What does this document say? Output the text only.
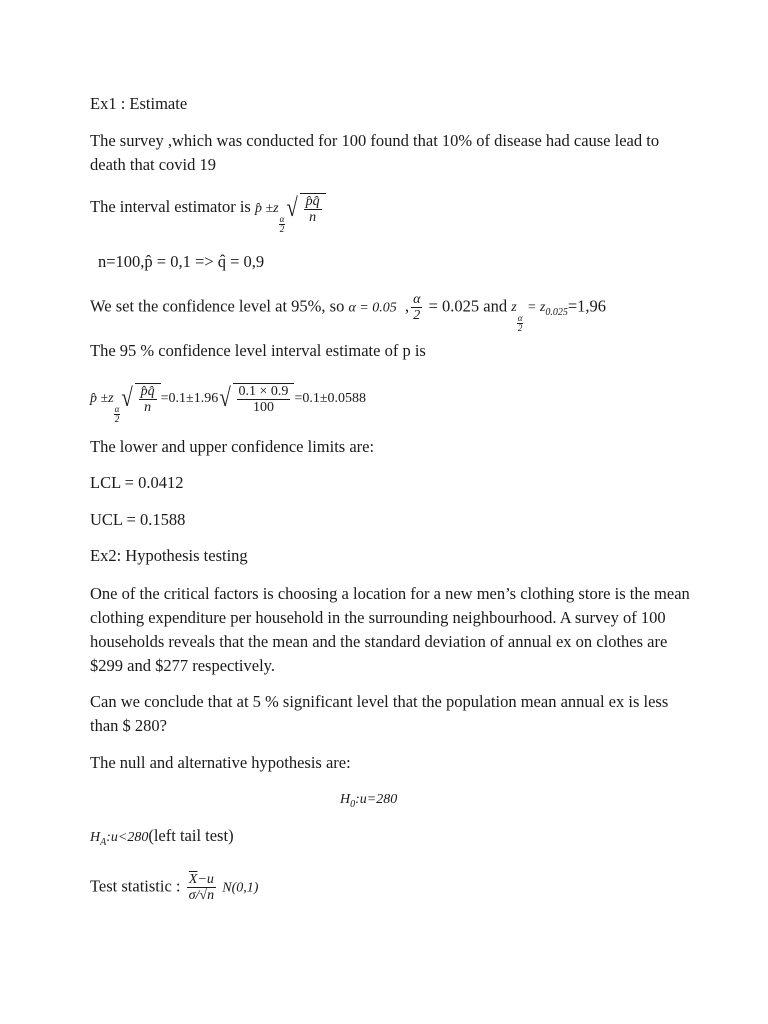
Ex1 : Estimate
The survey ,which was conducted for 100 found that 10% of disease had cause lead to death that covid 19
The interval estimator is p̂ ±z
$\frac{\alpha}{2}$
√ $\frac{p̂q̂}{n}$
n=100,p̂ = 0,1 => q̂ = 0,9
We set the confidence level at 95%, so α = 0.05  , $\frac{\alpha}{2} = 0.025$ and z
$\frac{\alpha}{2}$
= $z_{0.025}=1,96$
The 95 % confidence level interval estimate of p is
p̂ ±z
$\frac{\alpha}{2}$
√ $\frac{p̂q̂}{n} =0.1\pm 1.96$ √ $\frac{0.1 \times 0.9}{100} =0.1\pm 0.0588$
The lower and upper confidence limits are:
LCL = 0.0412
UCL = 0.1588
Ex2: Hypothesis testing
One of the critical factors is choosing a location for a new men’s clothing store is the mean clothing expenditure per household in the surrounding neighbourhood. A survey of 100 households reveals that the mean and the standard deviation of annual ex on clothes are $299 and $277 respectively.
Can we conclude that at 5 % significant level that the population mean annual ex is less than $ 280?
The null and alternative hypothesis are:
$H_0:u=280$
$H_A:u<280(left$ tail test)
Test statistic : $\frac{\overline{X}-u}{\sigma/√n} N(0,1)$
